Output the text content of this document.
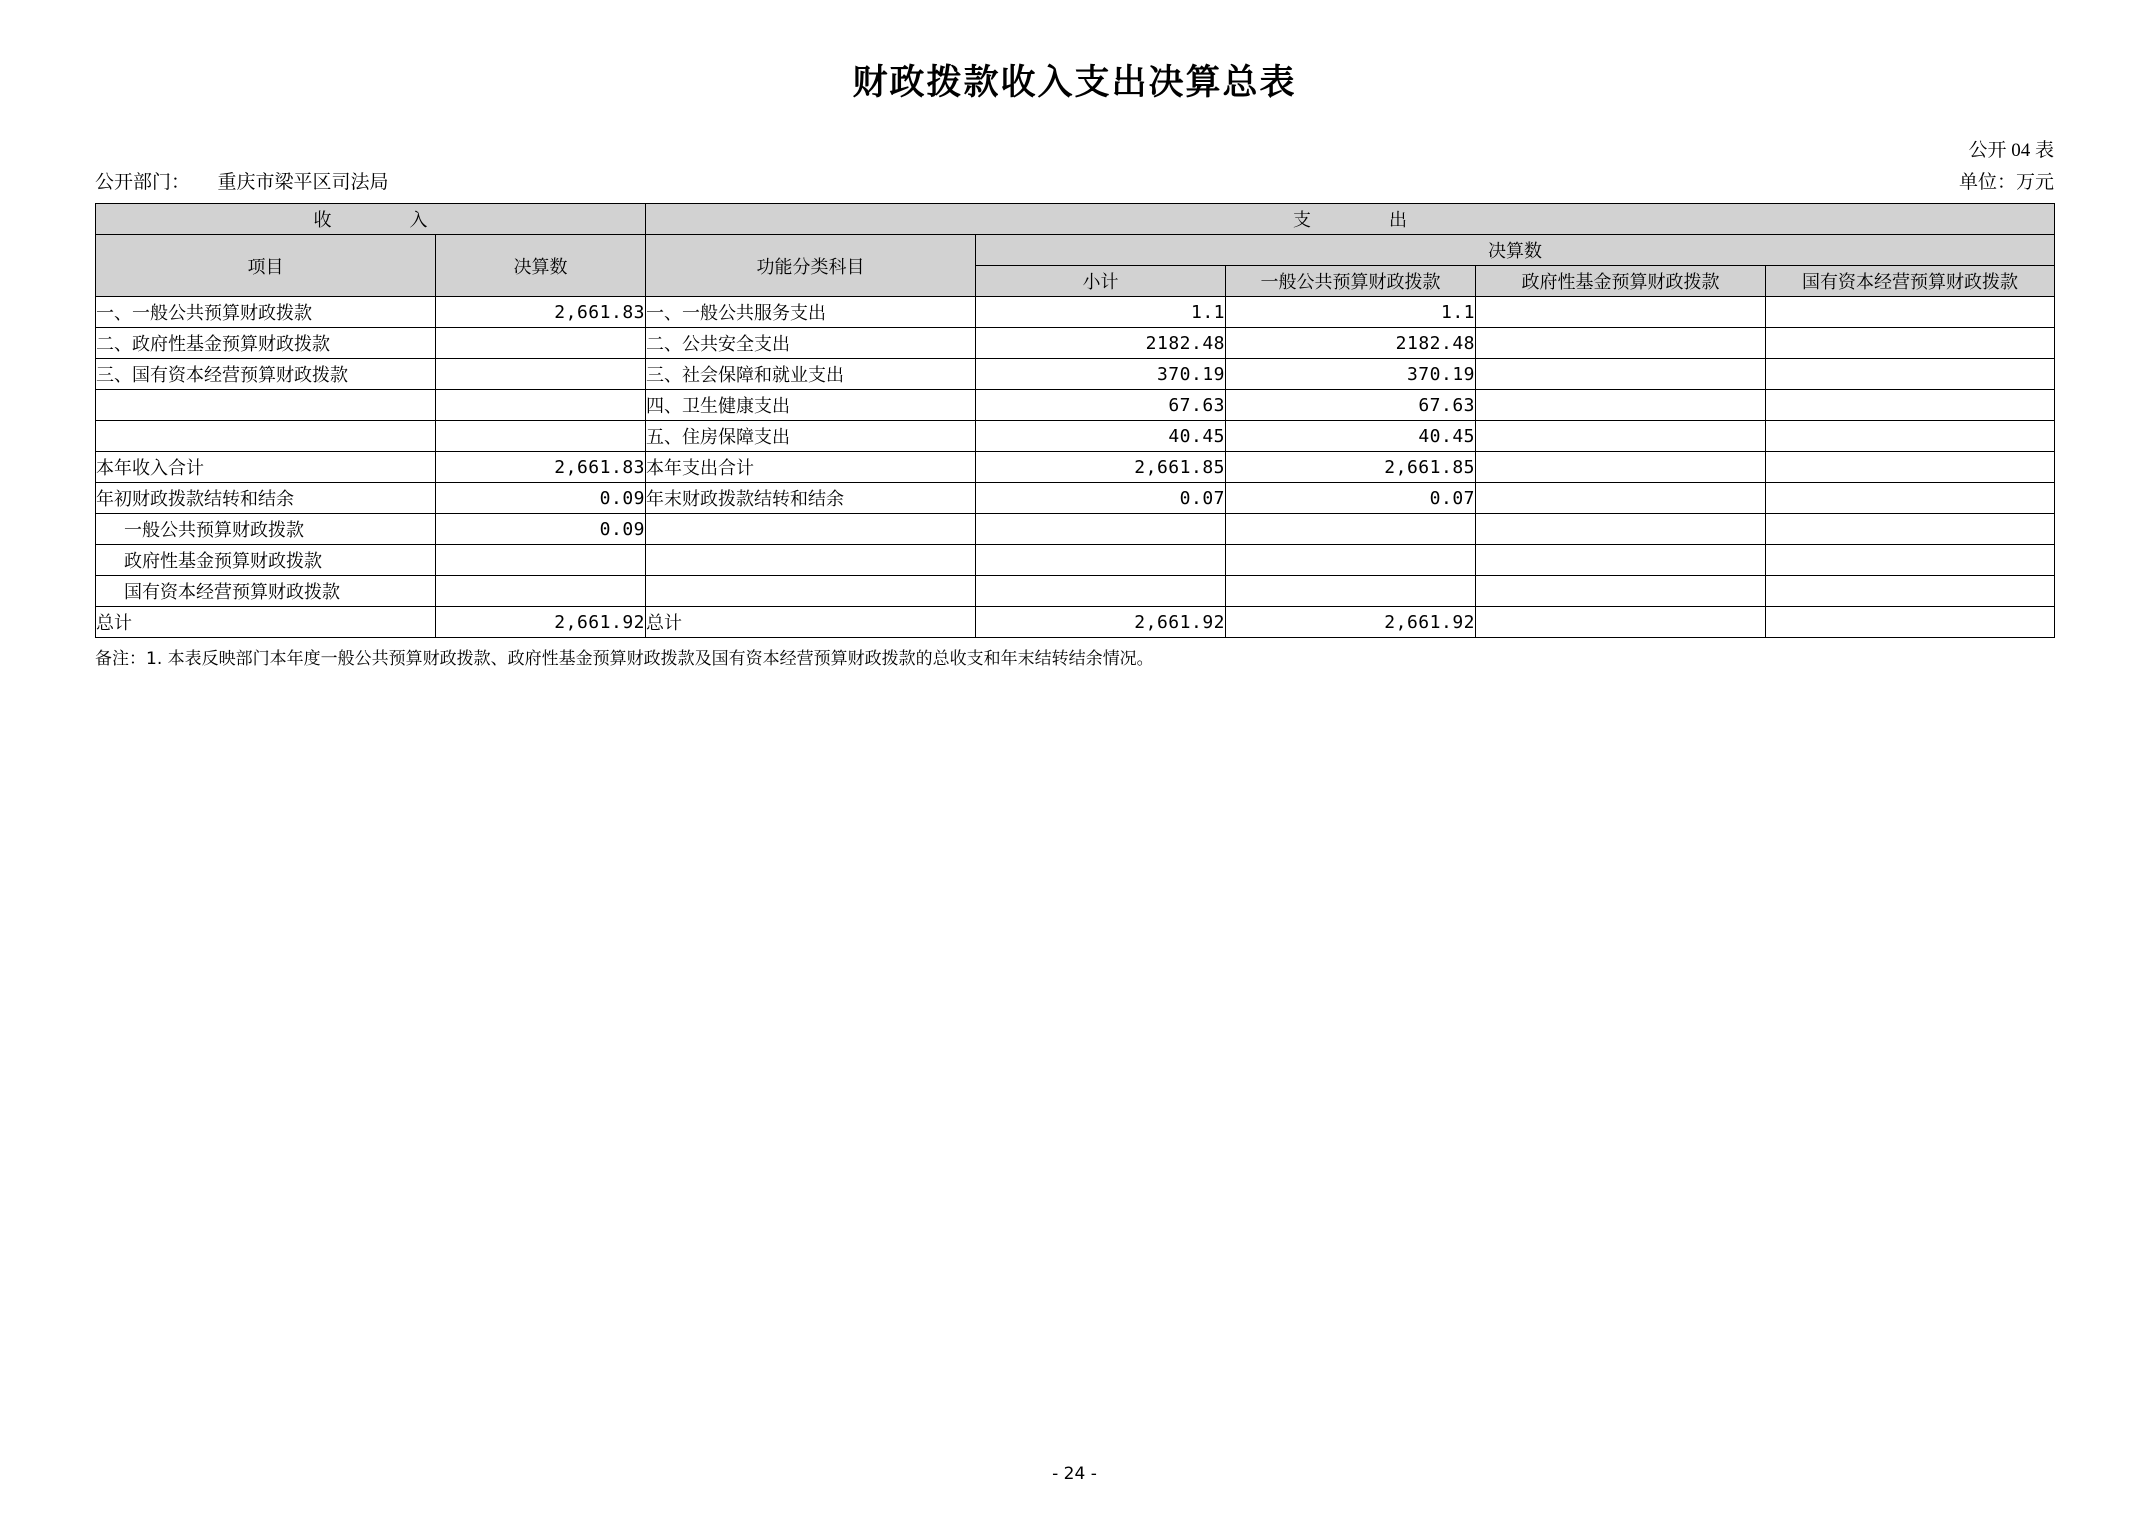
财政拨款收入支出决算总表
公开 04 表
公开部门： 重庆市梁平区司法局	单位：万元
收　　入		支　　出				
项目	决算数	功能分类科目	决算数			
			小计	一般公共预算财政拨款	政府性基金预算财政拨款	国有资本经营预算财政拨款
一、一般公共预算财政拨款	2,661.83	一、一般公共服务支出	1.1	1.1		
二、政府性基金预算财政拨款		二、公共安全支出	2182.48	2182.48		
三、国有资本经营预算财政拨款		三、社会保障和就业支出	370.19	370.19		
		四、卫生健康支出	67.63	67.63		
		五、住房保障支出	40.45	40.45		
本年收入合计	2,661.83	本年支出合计	2,661.85	2,661.85		
年初财政拨款结转和结余	0.09	年末财政拨款结转和结余	0.07	0.07		
一般公共预算财政拨款	0.09					
政府性基金预算财政拨款						
国有资本经营预算财政拨款						
总计	2,661.92	总计	2,661.92	2,661.92		
备注：1. 本表反映部门本年度一般公共预算财政拨款、政府性基金预算财政拨款及国有资本经营预算财政拨款的总收支和年末结转结余情况。
- 24 -
